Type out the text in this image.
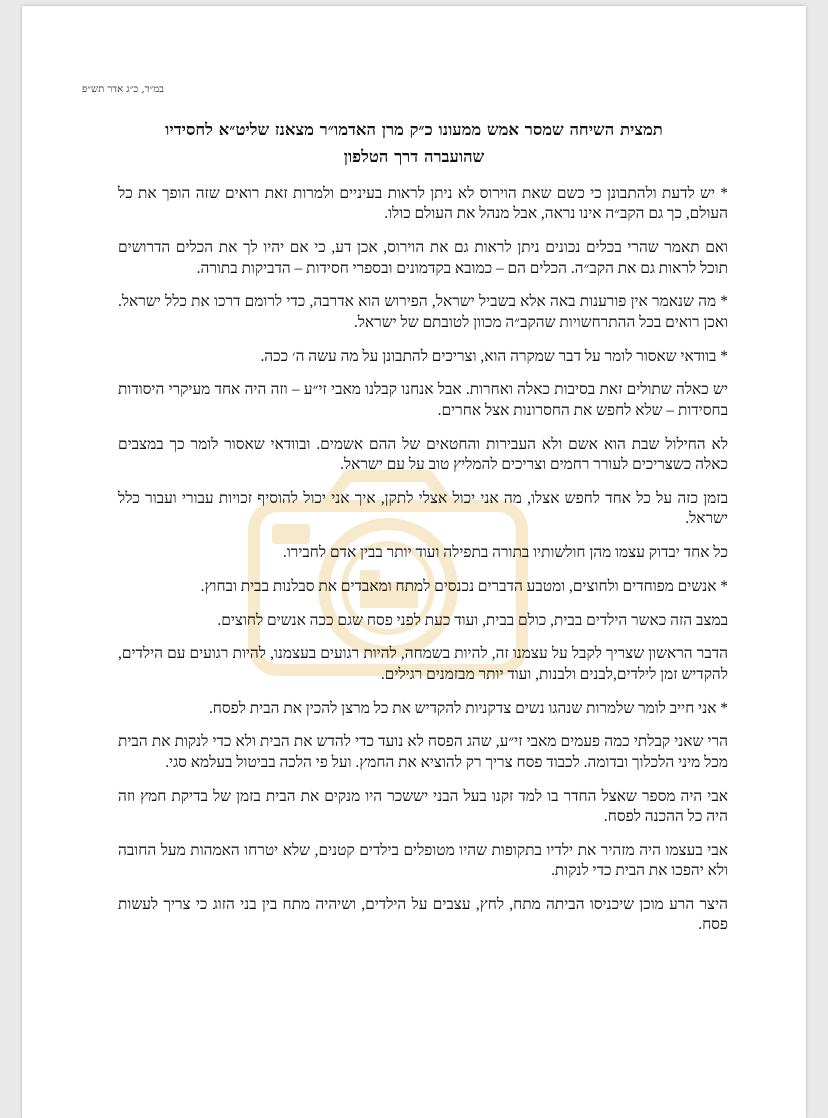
במ״ד, כ״ג אדר תש״פ
תמצית השיחה שמסר אמש ממעונו כ״ק מרן האדמו״ר מצאנז שליט״א לחסידיו
שהועברה דרך הטלפון

* יש לדעת ולהתבונן כי כשם שאת הוירוס לא ניתן לראות בעיניים ולמרות זאת רואים שזה הופך את כל העולם, כך גם הקב״ה אינו נראה, אבל מנהל את העולם כולו.

ואם תאמר שהרי בכלים נכונים ניתן לראות גם את הוירוס, אכן דע, כי אם יהיו לך את הכלים הדרושים תוכל לראות גם את הקב״ה. הכלים הם – כמובא בקדמונים ובספרי חסידות – הדביקות בתורה.

* מה שנאמר אין פורענות באה אלא בשביל ישראל, הפירוש הוא אדרבה, כדי לרומם דרכו את כלל ישראל. ואכן רואים בכל ההתרחשויות שהקב״ה מכוון לטובתם של ישראל.

* בוודאי שאסור לומר על דבר שמקרה הוא, וצריכים להתבונן על מה עשה ה׳ ככה.

יש כאלה שתולים זאת בסיבות כאלה ואחרות. אבל אנחנו קבלנו מאבי זי״ע – וזה היה אחד מעיקרי היסודות בחסידות – שלא לחפש את החסרונות אצל אחרים.

לא החילול שבת הוא אשם ולא העבירות והחטאים של ההם אשמים. ובוודאי שאסור לומר כך במצבים כאלה כשצריכים לעורר רחמים וצריכים להמליץ טוב על עם ישראל.

בזמן כזה על כל אחד לחפש אצלו, מה אני יכול אצלי לתקן, איך אני יכול להוסיף זכויות עבורי ועבור כלל ישראל.

כל אחד יבדוק עצמו מהן חולשותיו בתורה בתפילה ועוד יותר בבין אדם לחבירו.

* אנשים מפוחדים ולחוצים, ומטבע הדברים נכנסים למתח ומאבדים את סבלנות בבית ובחוץ.

במצב הזה כאשר הילדים בבית, כולם בבית, ועוד כעת לפני פסח שגם ככה אנשים לחוצים.

הדבר הראשון שצריך לקבל על עצמנו זה, להיות בשמחה, להיות רגועים בעצמנו, להיות רגועים עם הילדים, להקדיש זמן לילדים,לבנים ולבנות, ועוד יותר מבזמנים רגילים.

* אני חייב לומר שלמרות שנהגו נשים צדקניות להקדיש את כל מרצן להכין את הבית לפסח.

הרי שאני קבלתי כמה פעמים מאבי זי״ע, שהג הפסח לא נועד כדי להדש את הבית ולא כדי לנקות את הבית מכל מיני הלכלוך ובדומה. לכבוד פסח צריך רק להוציא את החמץ. ועל פי הלכה בביטול בעלמא סגי.

אבי היה מספר שאצל החדר בו למד זקנו בעל הבני יששכר היו מנקים את הבית בזמן של בדיקת חמץ וזה היה כל ההכנה לפסח.

אבי בעצמו היה מזהיר את ילדיו בתקופות שהיו מטופלים בילדים קטנים, שלא יטרחו האמהות מעל החובה ולא יהפכו את הבית כדי לנקות.

היצר הרע מוכן שיכניסו הביתה מתח, לחץ, עצבים על הילדים, ושיהיה מתח בין בני הזוג כי צריך לעשות פסח.
